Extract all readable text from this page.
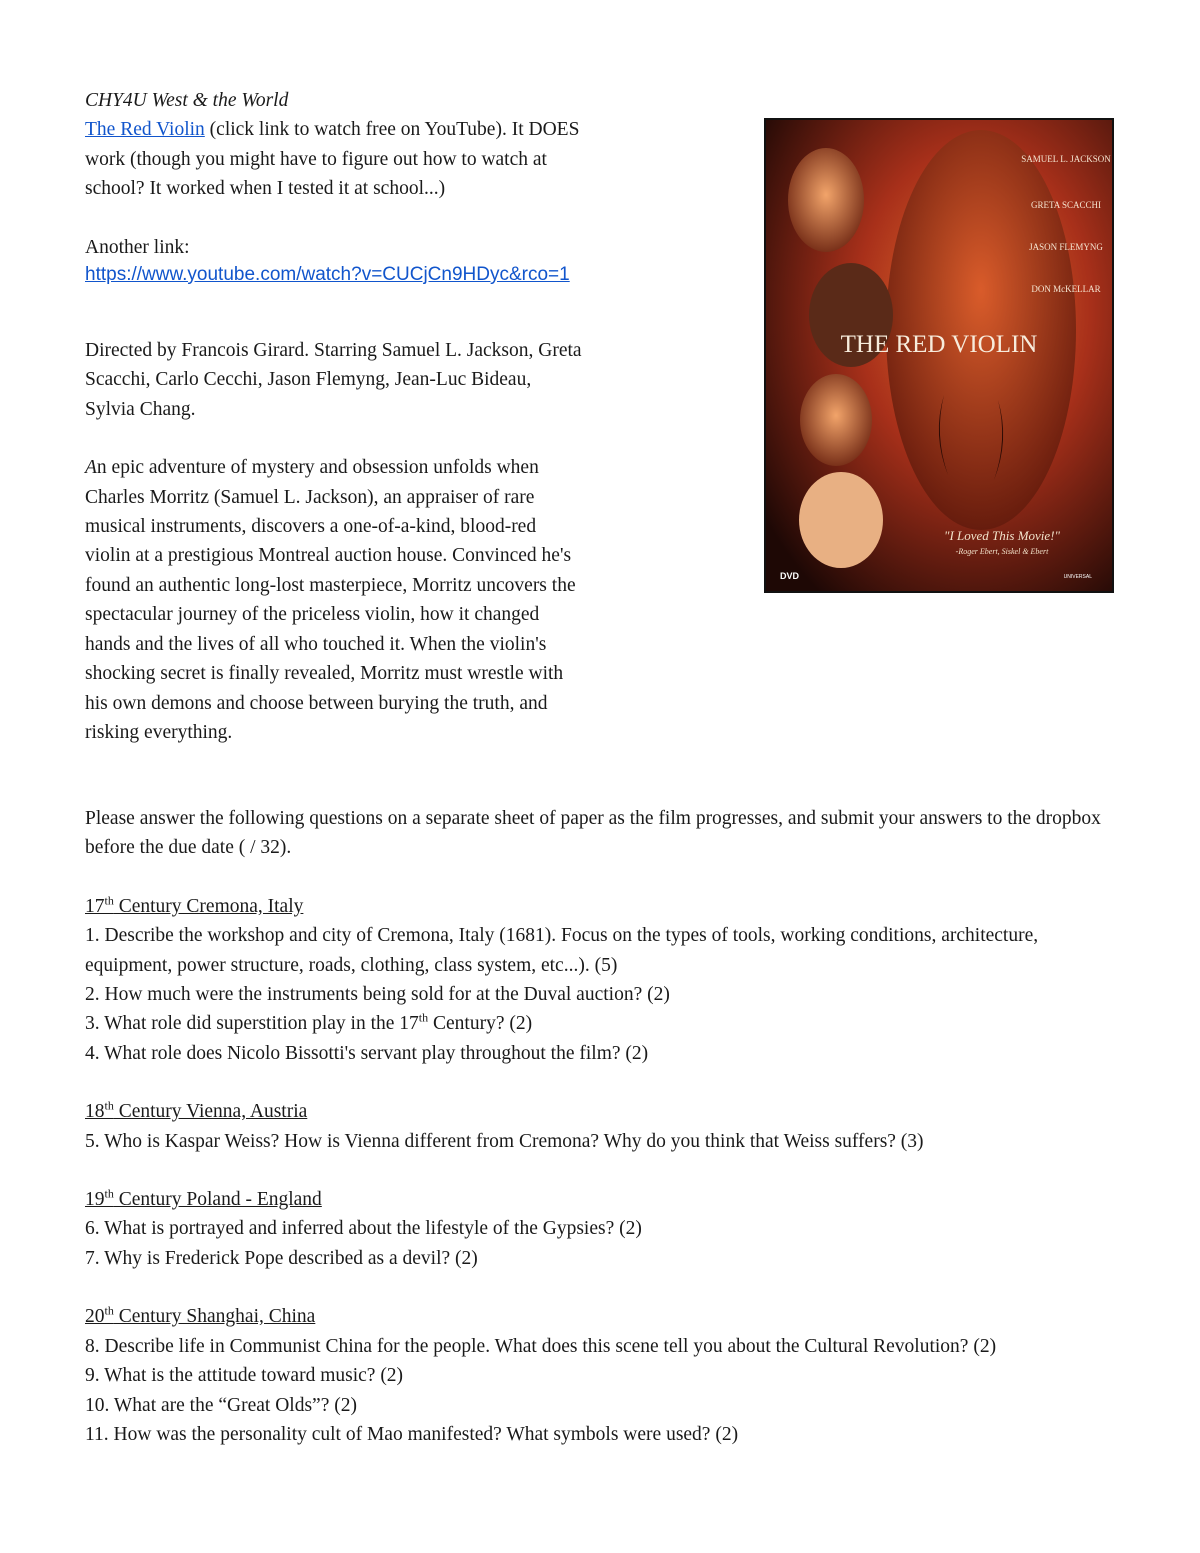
CHY4U West & the World
The Red Violin (click link to watch free on YouTube). It DOES work (though you might have to figure out how to watch at school? It worked when I tested it at school...)
Another link:
https://www.youtube.com/watch?v=CUCjCn9HDyc&rco=1

Directed by Francois Girard. Starring Samuel L. Jackson, Greta Scacchi, Carlo Cecchi, Jason Flemyng, Jean-Luc Bideau, Sylvia Chang.

An epic adventure of mystery and obsession unfolds when Charles Morritz (Samuel L. Jackson), an appraiser of rare musical instruments, discovers a one-of-a-kind, blood-red violin at a prestigious Montreal auction house. Convinced he's found an authentic long-lost masterpiece, Morritz uncovers the spectacular journey of the priceless violin, how it changed hands and the lives of all who touched it. When the violin's shocking secret is finally revealed, Morritz must wrestle with his own demons and choose between burying the truth, and risking everything.

SAMUEL L. JACKSON
GRETA SCACCHI
JASON FLEMYNG
DON McKELLAR
THE RED VIOLIN
"I Loved This Movie!"
-Roger Ebert, Siskel & Ebert
DVD	UNIVERSAL

Please answer the following questions on a separate sheet of paper as the film progresses, and submit your answers to the dropbox before the due date ( / 32).

17th Century Cremona, Italy
1. Describe the workshop and city of Cremona, Italy (1681). Focus on the types of tools, working conditions, architecture, equipment, power structure, roads, clothing, class system, etc...). (5)
2. How much were the instruments being sold for at the Duval auction? (2)
3. What role did superstition play in the 17th Century? (2)
4. What role does Nicolo Bissotti's servant play throughout the film? (2)
18th Century Vienna, Austria
5. Who is Kaspar Weiss? How is Vienna different from Cremona? Why do you think that Weiss suffers? (3)
19th Century Poland - England
6. What is portrayed and inferred about the lifestyle of the Gypsies? (2)
7. Why is Frederick Pope described as a devil? (2)
20th Century Shanghai, China
8. Describe life in Communist China for the people. What does this scene tell you about the Cultural Revolution? (2)
9. What is the attitude toward music? (2)
10. What are the “Great Olds”? (2)
11. How was the personality cult of Mao manifested? What symbols were used? (2)
